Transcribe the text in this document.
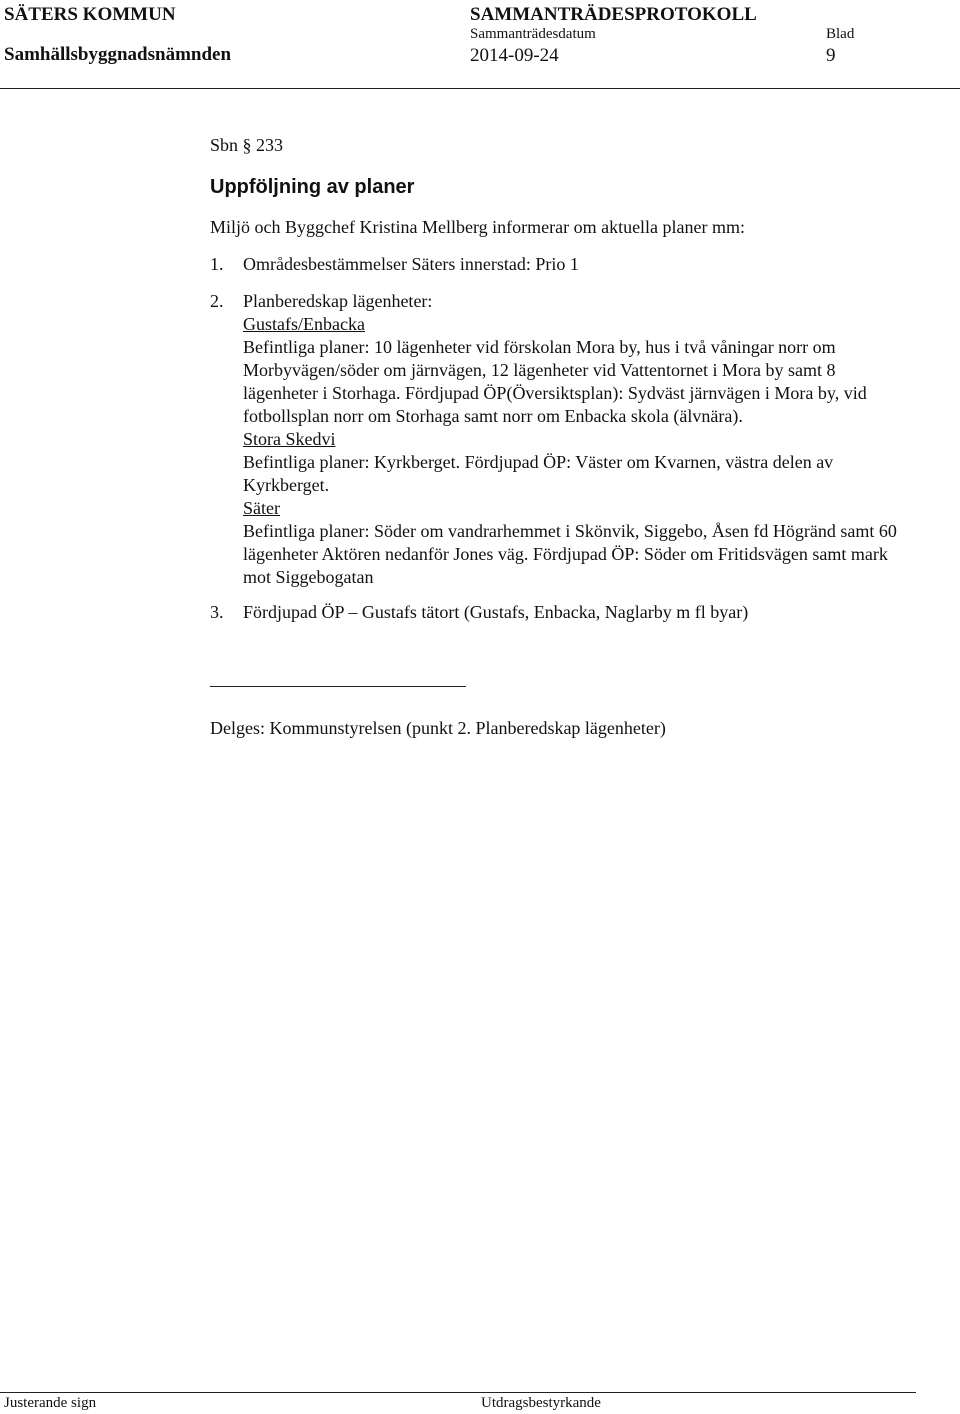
SÄTERS KOMMUN
Samhällsbyggnadsnämnden
SAMMANTRÄDESPROTOKOLL
Sammanträdesdatum
2014-09-24
Blad
9
Sbn § 233
Uppföljning av planer
Miljö och Byggchef Kristina Mellberg informerar om aktuella planer mm:
1. Områdesbestämmelser Säters innerstad: Prio 1
2. Planberedskap lägenheter:
Gustafs/Enbacka
Befintliga planer: 10 lägenheter vid förskolan Mora by, hus i två våningar norr om Morbyvägen/söder om järnvägen, 12 lägenheter vid Vattentornet i Mora by samt 8 lägenheter i Storhaga. Fördjupad ÖP(Översiktsplan): Sydväst järnvägen i Mora by, vid fotbollsplan norr om Storhaga samt norr om Enbacka skola (älvnära).
Stora Skedvi
Befintliga planer: Kyrkberget. Fördjupad ÖP: Väster om Kvarnen, västra delen av Kyrkberget.
Säter
Befintliga planer: Söder om vandrarhemmet i Skönvik, Siggebo, Åsen fd Högränd samt 60 lägenheter Aktören nedanför Jones väg. Fördjupad ÖP: Söder om Fritidsvägen samt mark mot Siggebogatan
3. Fördjupad ÖP – Gustafs tätort (Gustafs, Enbacka, Naglarby m fl byar)
Delges: Kommunstyrelsen (punkt 2. Planberedskap lägenheter)
Justerande sign	Utdragsbestyrkande
